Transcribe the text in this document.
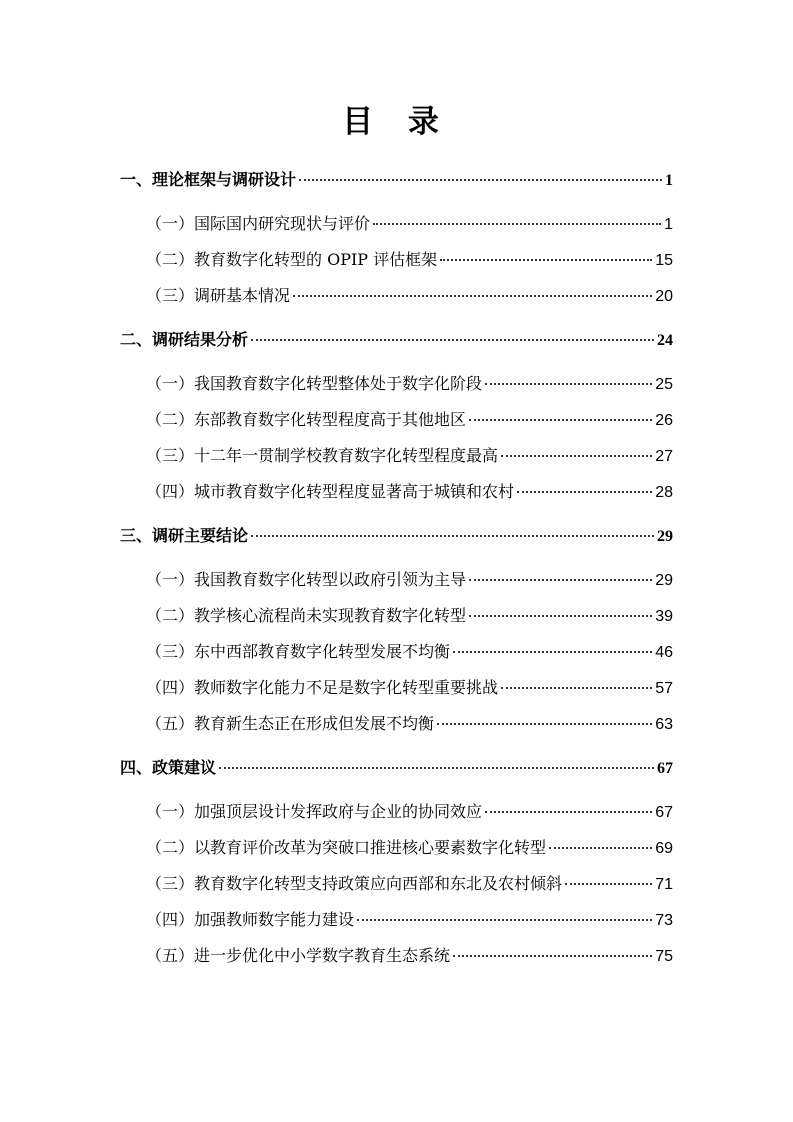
目 录
一、理论框架与调研设计	1
（一）国际国内研究现状与评价	1
（二）教育数字化转型的 OPIP 评估框架	15
（三）调研基本情况	20
二、调研结果分析	24
（一）我国教育数字化转型整体处于数字化阶段	25
（二）东部教育数字化转型程度高于其他地区	26
（三）十二年一贯制学校教育数字化转型程度最高	27
（四）城市教育数字化转型程度显著高于城镇和农村	28
三、调研主要结论	29
（一）我国教育数字化转型以政府引领为主导	29
（二）教学核心流程尚未实现教育数字化转型	39
（三）东中西部教育数字化转型发展不均衡	46
（四）教师数字化能力不足是数字化转型重要挑战	57
（五）教育新生态正在形成但发展不均衡	63
四、政策建议	67
（一）加强顶层设计发挥政府与企业的协同效应	67
（二）以教育评价改革为突破口推进核心要素数字化转型	69
（三）教育数字化转型支持政策应向西部和东北及农村倾斜	71
（四）加强教师数字能力建设	73
（五）进一步优化中小学数字教育生态系统	75
